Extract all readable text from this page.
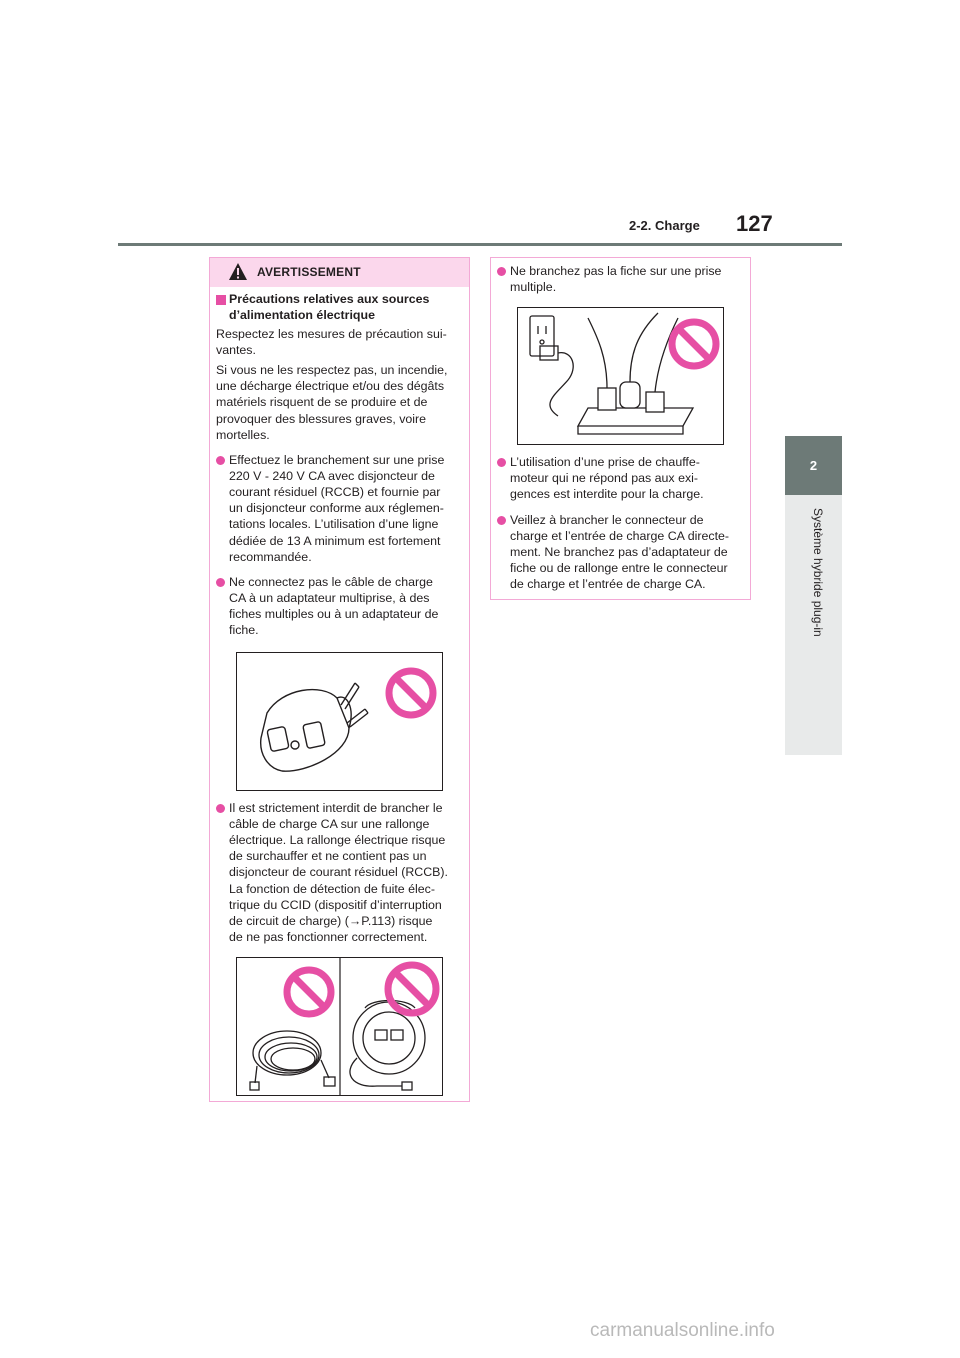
2-2. Charge 127
2
Système hybride plug-in
AVERTISSEMENT
Précautions relatives aux sources
d’alimentation électrique
Respectez les mesures de précaution sui-
vantes.
Si vous ne les respectez pas, un incendie,
une décharge électrique et/ou des dégâts
matériels risquent de se produire et de
provoquer des blessures graves, voire
mortelles.
Effectuez le branchement sur une prise
220 V - 240 V CA avec disjoncteur de
courant résiduel (RCCB) et fournie par
un disjoncteur conforme aux réglemen-
tations locales. L’utilisation d’une ligne
dédiée de 13 A minimum est fortement
recommandée.
Ne connectez pas le câble de charge
CA à un adaptateur multiprise, à des
fiches multiples ou à un adaptateur de
fiche.
Il est strictement interdit de brancher le
câble de charge CA sur une rallonge
électrique. La rallonge électrique risque
de surchauffer et ne contient pas un
disjoncteur de courant résiduel (RCCB).
La fonction de détection de fuite élec-
trique du CCID (dispositif d’interruption
de circuit de charge) (→P.113) risque
de ne pas fonctionner correctement.
Ne branchez pas la fiche sur une prise
multiple.
L’utilisation d’une prise de chauffe-
moteur qui ne répond pas aux exi-
gences est interdite pour la charge.
Veillez à brancher le connecteur de
charge et l’entrée de charge CA directe-
ment. Ne branchez pas d’adaptateur de
fiche ou de rallonge entre le connecteur
de charge et l’entrée de charge CA.
carmanualsonline.info
